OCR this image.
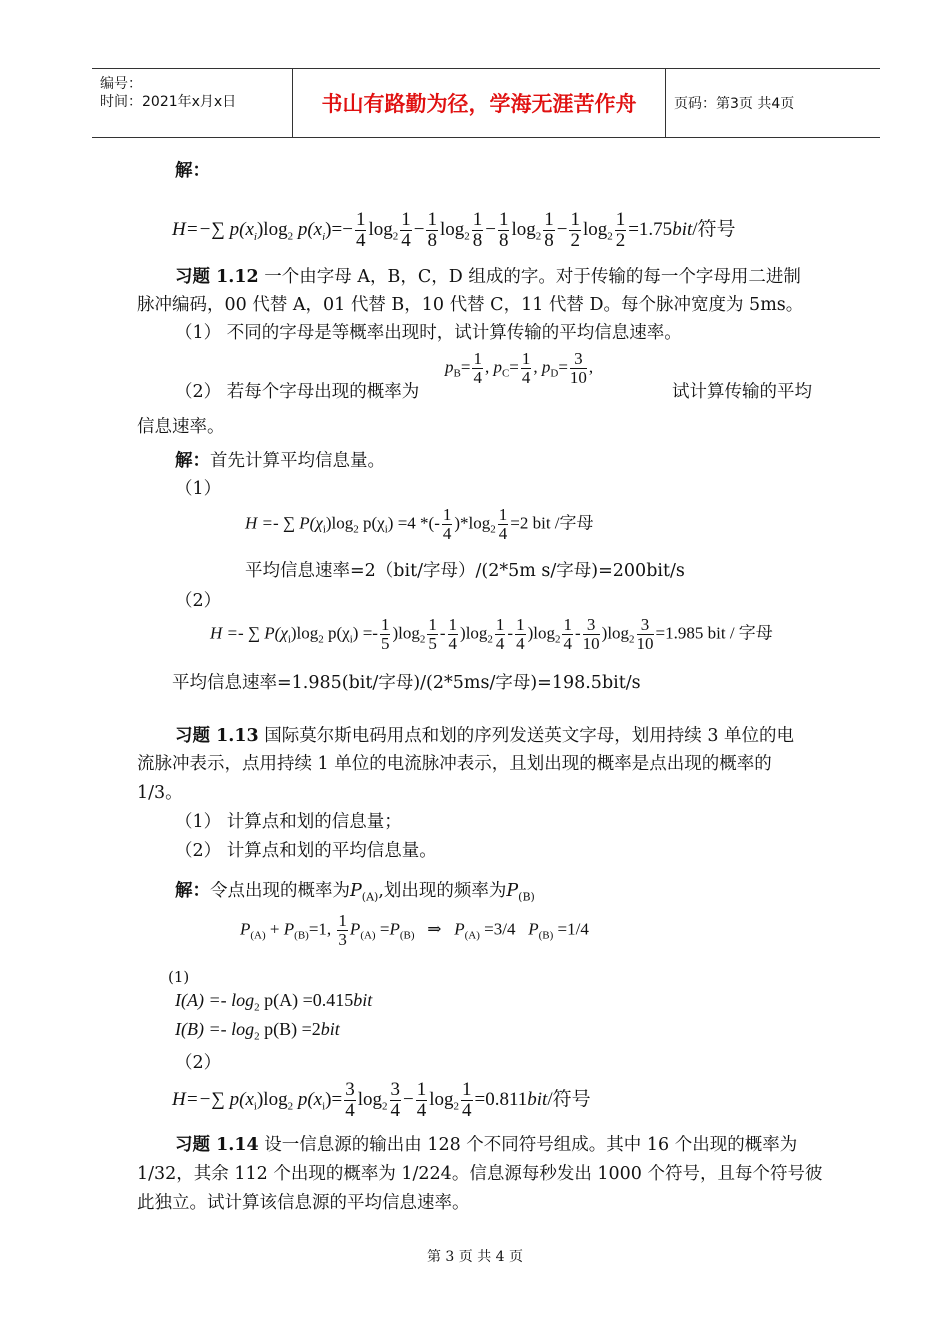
编号：
时间：2021年x月x日	书山有路勤为径，学海无涯苦作舟	页码：第3页 共4页
解：
H=−∑ $p(x_i)\log_2$ $p(x_i)=- \frac{1}{4} \log_2 \frac{1}{4} - \frac{1}{8} \log_2 \frac{1}{8} - \frac{1}{8} \log_2 \frac{1}{8} - \frac{1}{2} \log_2 \frac{1}{2} =1.75bit/$符号
习题 1.12 一个由字母 A，B，C，D 组成的字。对于传输的每一个字母用二进制
脉冲编码，00 代替 A，01 代替 B，10 代替 C，11 代替 D。每个脉冲宽度为 5ms。
（1） 不同的字母是等概率出现时，试计算传输的平均信息速率。
（2） 若每个字母出现的概率为
$p_B= \frac{1}{4}$ , $p_C= \frac{1}{4}$ , $p_D= \frac{3}{10}$ ,
试计算传输的平均
信息速率。
解：首先计算平均信息量。
（1）
H =- ∑ $P(\chi_i)\log_2$ $p(\chi_i) =4$ *(- $\frac{1}{4} )*\log_2 \frac{1}{4} =2$ bit /字母
平均信息速率=2（bit/字母）/(2*5m s/字母)=200bit/s
（2）
H =- ∑ $P(\chi_i)\log_2$ $p(\chi_i) =- \frac{1}{5} )\log_2 \frac{1}{5} - \frac{1}{4} )\log_2 \frac{1}{4} - \frac{1}{4} )\log_2 \frac{1}{4} - \frac{3}{10} )\log_2 \frac{3}{10} =1.985$ bit / 字母
平均信息速率=1.985(bit/字母)/(2*5ms/字母)=198.5bit/s
习题 1.13 国际莫尔斯电码用点和划的序列发送英文字母，划用持续 3 单位的电
流脉冲表示，点用持续 1 单位的电流脉冲表示，且划出现的概率是点出现的概率的
1/3。
（1） 计算点和划的信息量；
（2） 计算点和划的平均信息量。
解：令点出现的概率为$P_{(A)}$,划出现的频率为$P_{(B)}$
$P_{(A)} + P_{(B)}=1$, $\frac{1}{3} P_{(A)} =P_{(B)}$ ⇒ $P_{(A)} =3/4$ $P_{(B)} =1/4$
(1)
$I(A) =- \log_2 p(A) =0.415bit$
$I(B) =- \log_2 p(B) =2bit$
（2）
H=−∑ $p(x_i)\log_2$ $p(x_i)= \frac{3}{4} \log_2 \frac{3}{4} - \frac{1}{4} \log_2 \frac{1}{4} =0.811bit/$符号
习题 1.14 设一信息源的输出由 128 个不同符号组成。其中 16 个出现的概率为
1/32，其余 112 个出现的概率为 1/224。信息源每秒发出 1000 个符号，且每个符号彼
此独立。试计算该信息源的平均信息速率。
第 3 页 共 4 页
